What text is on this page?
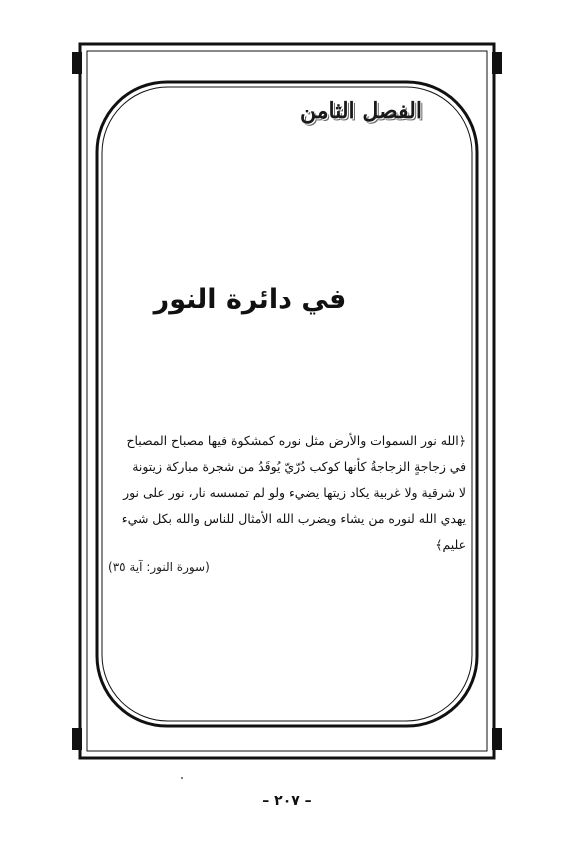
الفصل الثامن
في دائرة النور
﴿الله نور السموات والأرض مثل نوره كمشكوة فيها مصباح المصباح
في زجاجةٍ الزجاجةُ كأنها كوكب دُرّيّ يُوقَدُ من شجرة مباركة زيتونة
لا شرقية ولا غربية يكاد زيتها يضيء ولو لم تمسسه نار، نور على نور
يهدي الله لنوره من يشاء ويضرب الله الأمثال للناس والله بكل شيء
عليم﴾
(سورة النور: آية ٣٥)
– ٢٠٧ –
